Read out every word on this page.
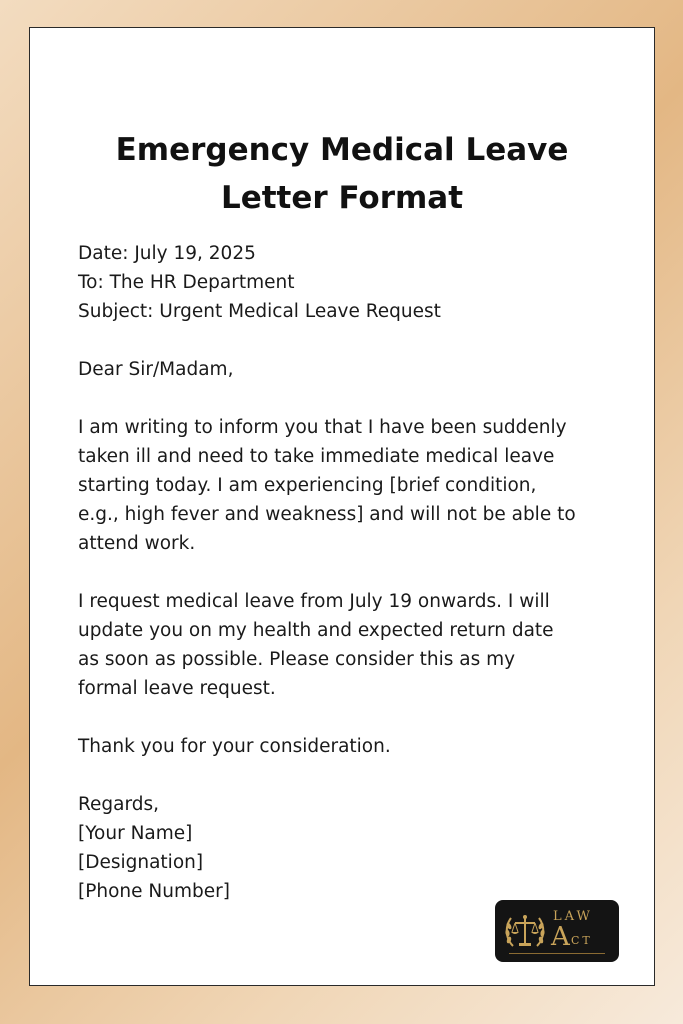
Emergency Medical Leave
Letter Format

Date: July 19, 2025
To: The HR Department
Subject: Urgent Medical Leave Request

Dear Sir/Madam,

I am writing to inform you that I have been suddenly
taken ill and need to take immediate medical leave
starting today. I am experiencing [brief condition,
e.g., high fever and weakness] and will not be able to
attend work.

I request medical leave from July 19 onwards. I will
update you on my health and expected return date
as soon as possible. Please consider this as my
formal leave request.

Thank you for your consideration.

Regards,
[Your Name]
[Designation]
[Phone Number]

LAW
A CT
